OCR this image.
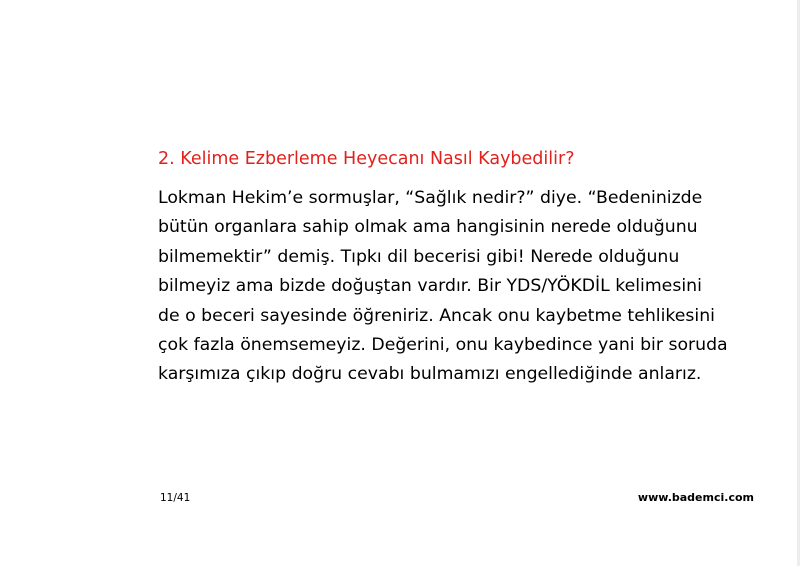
2. Kelime Ezberleme Heyecanı Nasıl Kaybedilir?
Lokman Hekim’e sormuşlar, “Sağlık nedir?” diye. “Bedeninizde
bütün organlara sahip olmak ama hangisinin nerede olduğunu
bilmemektir” demiş. Tıpkı dil becerisi gibi! Nerede olduğunu
bilmeyiz ama bizde doğuştan vardır. Bir YDS/YÖKDİL kelimesini
de o beceri sayesinde öğreniriz. Ancak onu kaybetme tehlikesini
çok fazla önemsemeyiz. Değerini, onu kaybedince yani bir soruda
karşımıza çıkıp doğru cevabı bulmamızı engellediğinde anlarız.
11/41	www.bademci.com
